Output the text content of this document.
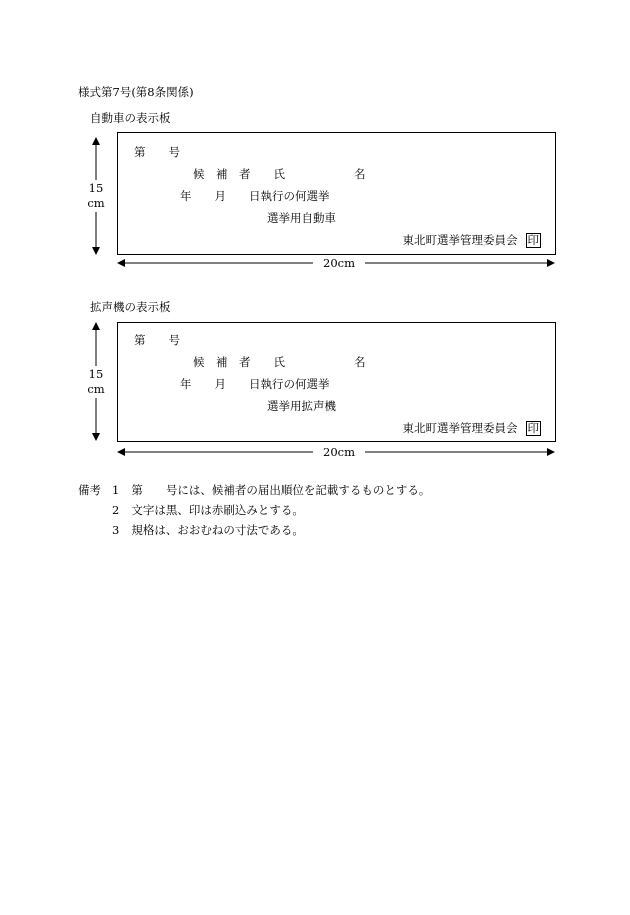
様式第7号(第8条関係)
自動車の表示板
第　　号
候　補　者　　氏　　　　　　名
年　　月　　日執行の何選挙
選挙用自動車
東北町選挙管理委員会 印
15
cm
20cm
拡声機の表示板
第　　号
候　補　者　　氏　　　　　　名
年　　月　　日執行の何選挙
選挙用拡声機
東北町選挙管理委員会 印
15
cm
20cm
備考 1 第　　号には、候補者の届出順位を記載するものとする。
2 文字は黒、印は赤刷込みとする。
3 規格は、おおむねの寸法である。
